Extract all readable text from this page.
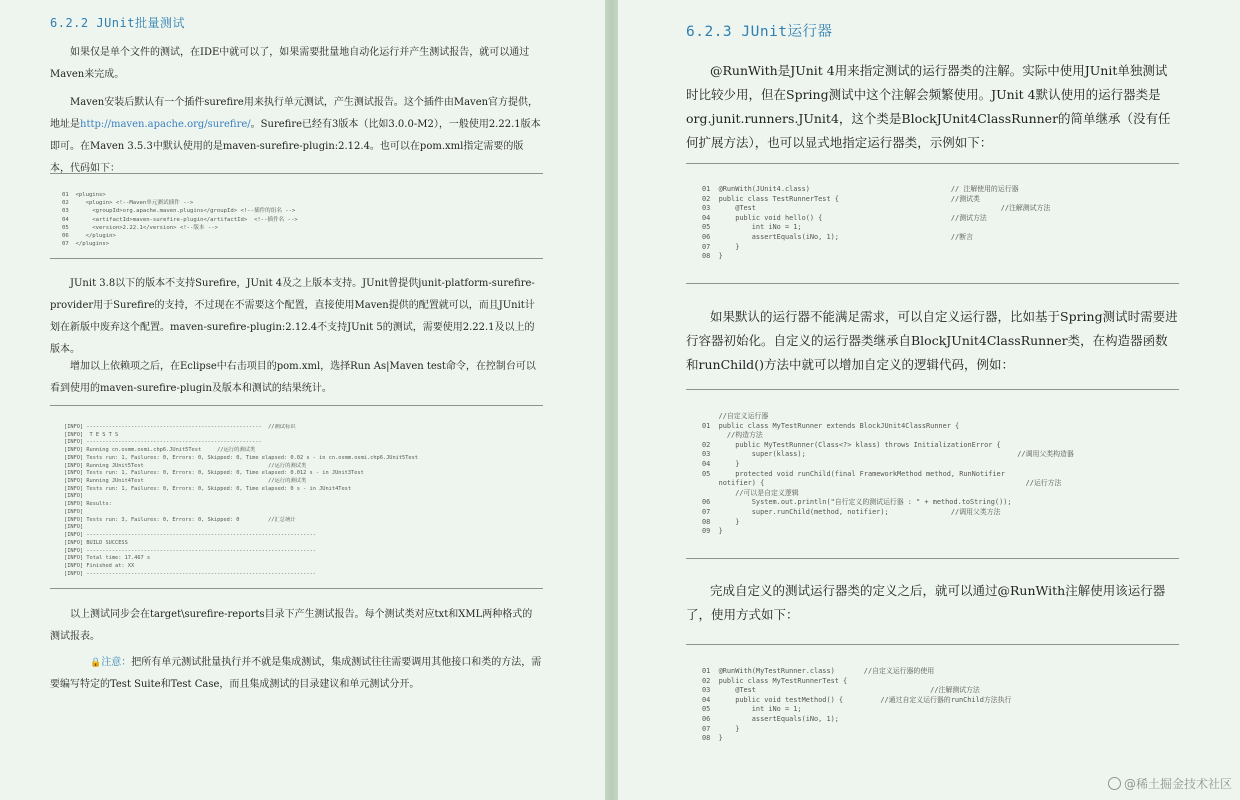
6.2.2 JUnit批量测试

如果仅是单个文件的测试，在IDE中就可以了，如果需要批量地自动化运行并产生测试报告，就可以通过Maven来完成。

Maven安装后默认有一个插件surefire用来执行单元测试，产生测试报告。这个插件由Maven官方提供，地址是http://maven.apache.org/surefire/。Surefire已经有3版本（比如3.0.0-M2），一般使用2.22.1版本即可。在Maven 3.5.3中默认使用的是maven-surefire-plugin:2.12.4。也可以在pom.xml指定需要的版本，代码如下：

01  <plugins>
02     <plugin> <!--Maven单元测试插件 -->
03       <groupId>org.apache.maven.plugins</groupId> <!--插件的组名 -->
04       <artifactId>maven-surefire-plugin</artifactId>  <!--插件名 -->
05       <version>2.22.1</version> <!--版本 -->
06     </plugin>
07  </plugins>

JUnit 3.8以下的版本不支持Surefire，JUnit 4及之上版本支持。JUnit曾提供junit-platform-surefire-provider用于Surefire的支持，不过现在不需要这个配置，直接使用Maven提供的配置就可以，而且JUnit计划在新版中废弃这个配置。maven-surefire-plugin:2.12.4不支持JUnit 5的测试，需要使用2.22.1及以上的版本。

增加以上依赖项之后，在Eclipse中右击项目的pom.xml，选择Run As|Maven test命令，在控制台可以看到使用的maven-surefire-plugin及版本和测试的结果统计。

[INFO] -------------------------------------------------------  //测试标识
[INFO]  T E S T S
[INFO] -------------------------------------------------------
[INFO] Running cn.osmm.osmi.chp6.JUnit5Test     //运行的测试类
[INFO] Tests run: 1, Failures: 0, Errors: 0, Skipped: 0, Time elapsed: 0.02 s - in cn.osmm.osmi.chp6.JUnit5Test
[INFO] Running JUnit5Test                                       //运行的测试类
[INFO] Tests run: 1, Failures: 0, Errors: 0, Skipped: 0, Time elapsed: 0.012 s - in JUnit3Test
[INFO] Running JUnit4Test                                       //运行的测试类
[INFO] Tests run: 1, Failures: 0, Errors: 0, Skipped: 0, Time elapsed: 0 s - in JUnit4Test
[INFO]
[INFO] Results:
[INFO]
[INFO] Tests run: 3, Failures: 0, Errors: 0, Skipped: 0         //汇总统计
[INFO]
[INFO] ------------------------------------------------------------------------
[INFO] BUILD SUCCESS
[INFO] ------------------------------------------------------------------------
[INFO] Total time: 17.467 s
[INFO] Finished at: XX
[INFO] ------------------------------------------------------------------------

以上测试同步会在target\surefire-reports目录下产生测试报告。每个测试类对应txt和XML两种格式的测试报表。

🔒注意：把所有单元测试批量执行并不就是集成测试，集成测试往往需要调用其他接口和类的方法，需要编写特定的Test Suite和Test Case，而且集成测试的目录建议和单元测试分开。

6.2.3 JUnit运行器

@RunWith是JUnit 4用来指定测试的运行器类的注解。实际中使用JUnit单独测试时比较少用，但在Spring测试中这个注解会频繁使用。JUnit 4默认使用的运行器类是org.junit.runners.JUnit4，这个类是BlockJUnit4ClassRunner的简单继承（没有任何扩展方法），也可以显式地指定运行器类，示例如下：

01  @RunWith(JUnit4.class)                                  // 注解使用的运行器
02  public class TestRunnerTest {                           //测试类
03      @Test                                                           //注解测试方法
04      public void hello() {                               //测试方法
05          int iNo = 1;
06          assertEquals(iNo, 1);                           //断言
07      }
08  }

如果默认的运行器不能满足需求，可以自定义运行器，比如基于Spring测试时需要进行容器初始化。自定义的运行器类继承自BlockJUnit4ClassRunner类，在构造器函数和runChild()方法中就可以增加自定义的逻辑代码，例如：

//自定义运行器
01  public class MyTestRunner extends BlockJUnit4ClassRunner {
//构造方法
02      public MyTestRunner(Class<?> klass) throws InitializationError {
03          super(klass);                                                   //调用父类构造器
04      }
05      protected void runChild(final FrameworkMethod method, RunNotifier
notifier) {                                                               //运行方法
//可以是自定义逻辑
06          System.out.println("自行定义的测试运行器 : " + method.toString());
07          super.runChild(method, notifier);               //调用父类方法
08      }
09  }

完成自定义的测试运行器类的定义之后，就可以通过@RunWith注解使用该运行器了，使用方式如下：

01  @RunWith(MyTestRunner.class)       //自定义运行器的使用
02  public class MyTestRunnerTest {
03      @Test                                          //注解测试方法
04      public void testMethod() {         //通过自定义运行器的runChild方法执行
05          int iNo = 1;
06          assertEquals(iNo, 1);
07      }
08  }
@稀土掘金技术社区
